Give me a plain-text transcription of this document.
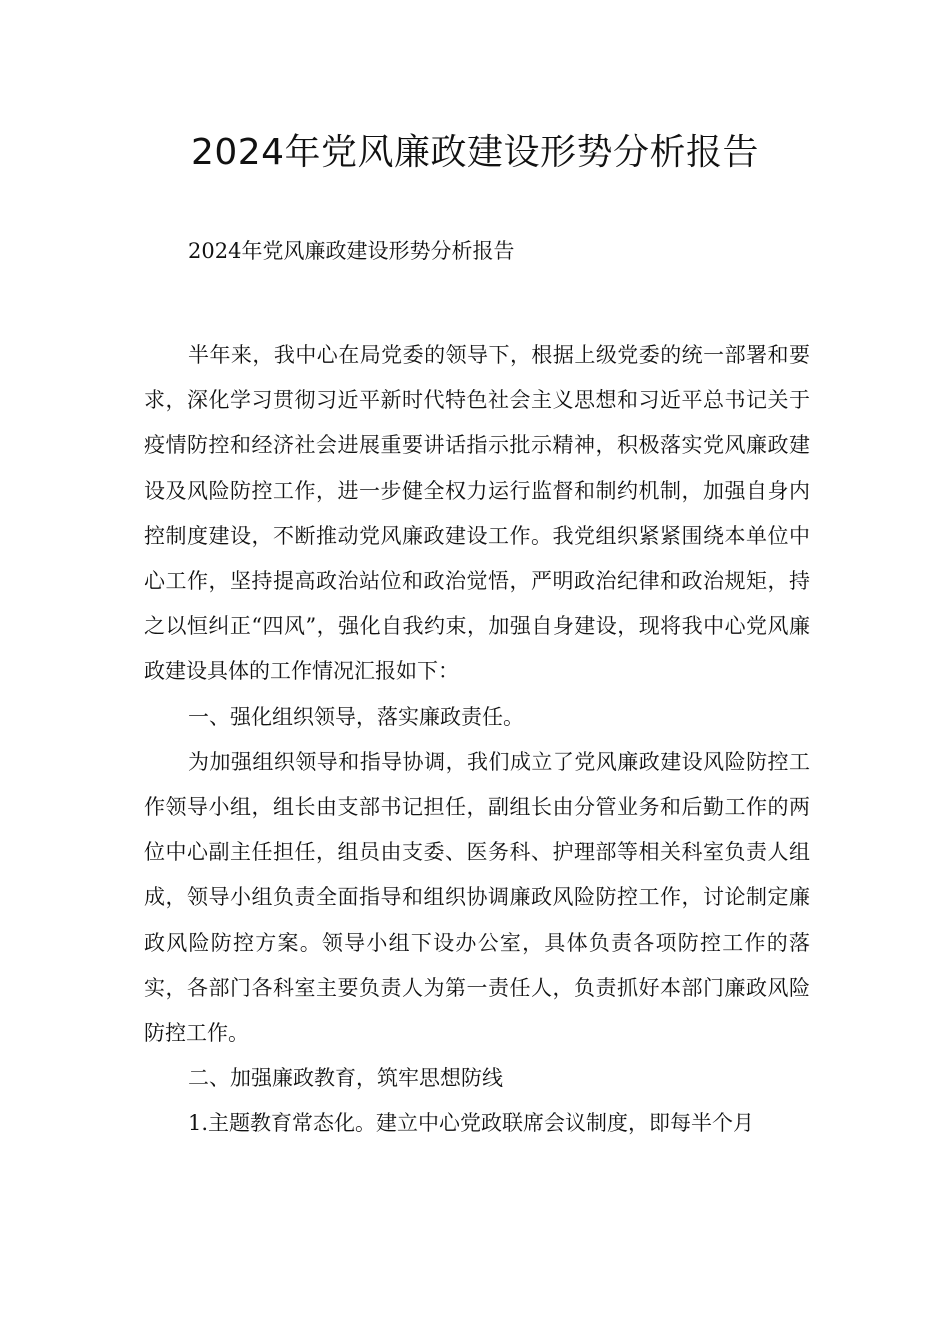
2024年党风廉政建设形势分析报告

2024年党风廉政建设形势分析报告

半年来，我中心在局党委的领导下，根据上级党委的统一部署和要求，深化学习贯彻习近平新时代特色社会主义思想和习近平总书记关于疫情防控和经济社会进展重要讲话指示批示精神，积极落实党风廉政建设及风险防控工作，进一步健全权力运行监督和制约机制，加强自身内控制度建设，不断推动党风廉政建设工作。我党组织紧紧围绕本单位中心工作，坚持提高政治站位和政治觉悟，严明政治纪律和政治规矩，持之以恒纠正“四风”，强化自我约束，加强自身建设，现将我中心党风廉政建设具体的工作情况汇报如下：

一、强化组织领导，落实廉政责任。

为加强组织领导和指导协调，我们成立了党风廉政建设风险防控工作领导小组，组长由支部书记担任，副组长由分管业务和后勤工作的两位中心副主任担任，组员由支委、医务科、护理部等相关科室负责人组成，领导小组负责全面指导和组织协调廉政风险防控工作，讨论制定廉政风险防控方案。领导小组下设办公室，具体负责各项防控工作的落实，各部门各科室主要负责人为第一责任人，负责抓好本部门廉政风险防控工作。

二、加强廉政教育，筑牢思想防线

1.主题教育常态化。建立中心党政联席会议制度，即每半个月
